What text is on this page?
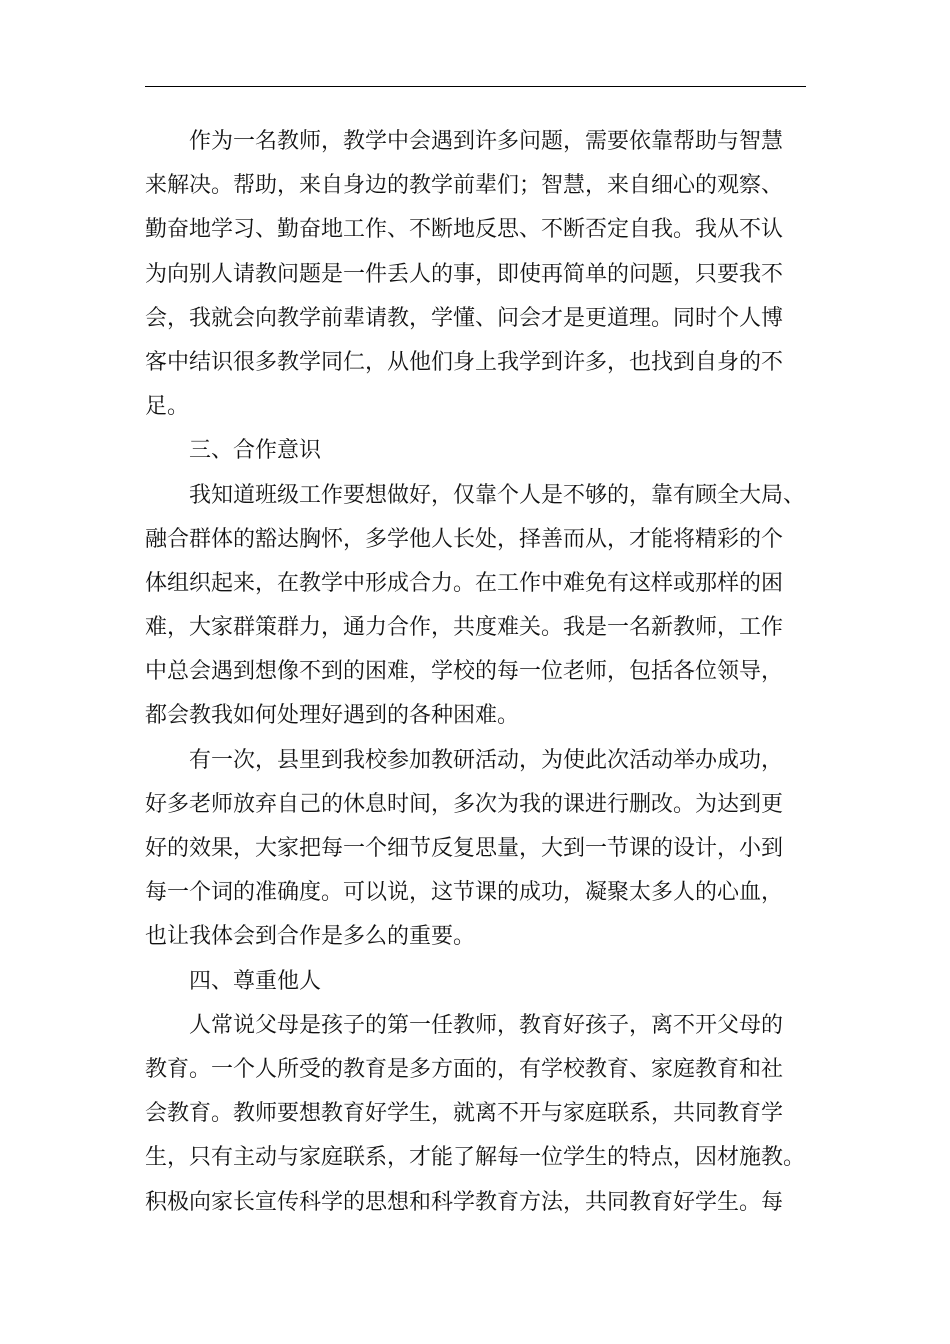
作为一名教师，教学中会遇到许多问题，需要依靠帮助与智慧
来解决。帮助，来自身边的教学前辈们；智慧，来自细心的观察、
勤奋地学习、勤奋地工作、不断地反思、不断否定自我。我从不认
为向别人请教问题是一件丢人的事，即使再简单的问题，只要我不
会，我就会向教学前辈请教，学懂、问会才是更道理。同时个人博
客中结识很多教学同仁，从他们身上我学到许多，也找到自身的不
足。
三、合作意识
我知道班级工作要想做好，仅靠个人是不够的，靠有顾全大局、
融合群体的豁达胸怀，多学他人长处，择善而从，才能将精彩的个
体组织起来，在教学中形成合力。在工作中难免有这样或那样的困
难，大家群策群力，通力合作，共度难关。我是一名新教师，工作
中总会遇到想像不到的困难，学校的每一位老师，包括各位领导，
都会教我如何处理好遇到的各种困难。
有一次，县里到我校参加教研活动，为使此次活动举办成功，
好多老师放弃自己的休息时间，多次为我的课进行删改。为达到更
好的效果，大家把每一个细节反复思量，大到一节课的设计，小到
每一个词的准确度。可以说，这节课的成功，凝聚太多人的心血，
也让我体会到合作是多么的重要。
四、尊重他人
人常说父母是孩子的第一任教师，教育好孩子，离不开父母的
教育。一个人所受的教育是多方面的，有学校教育、家庭教育和社
会教育。教师要想教育好学生，就离不开与家庭联系，共同教育学
生，只有主动与家庭联系，才能了解每一位学生的特点，因材施教。
积极向家长宣传科学的思想和科学教育方法，共同教育好学生。每
